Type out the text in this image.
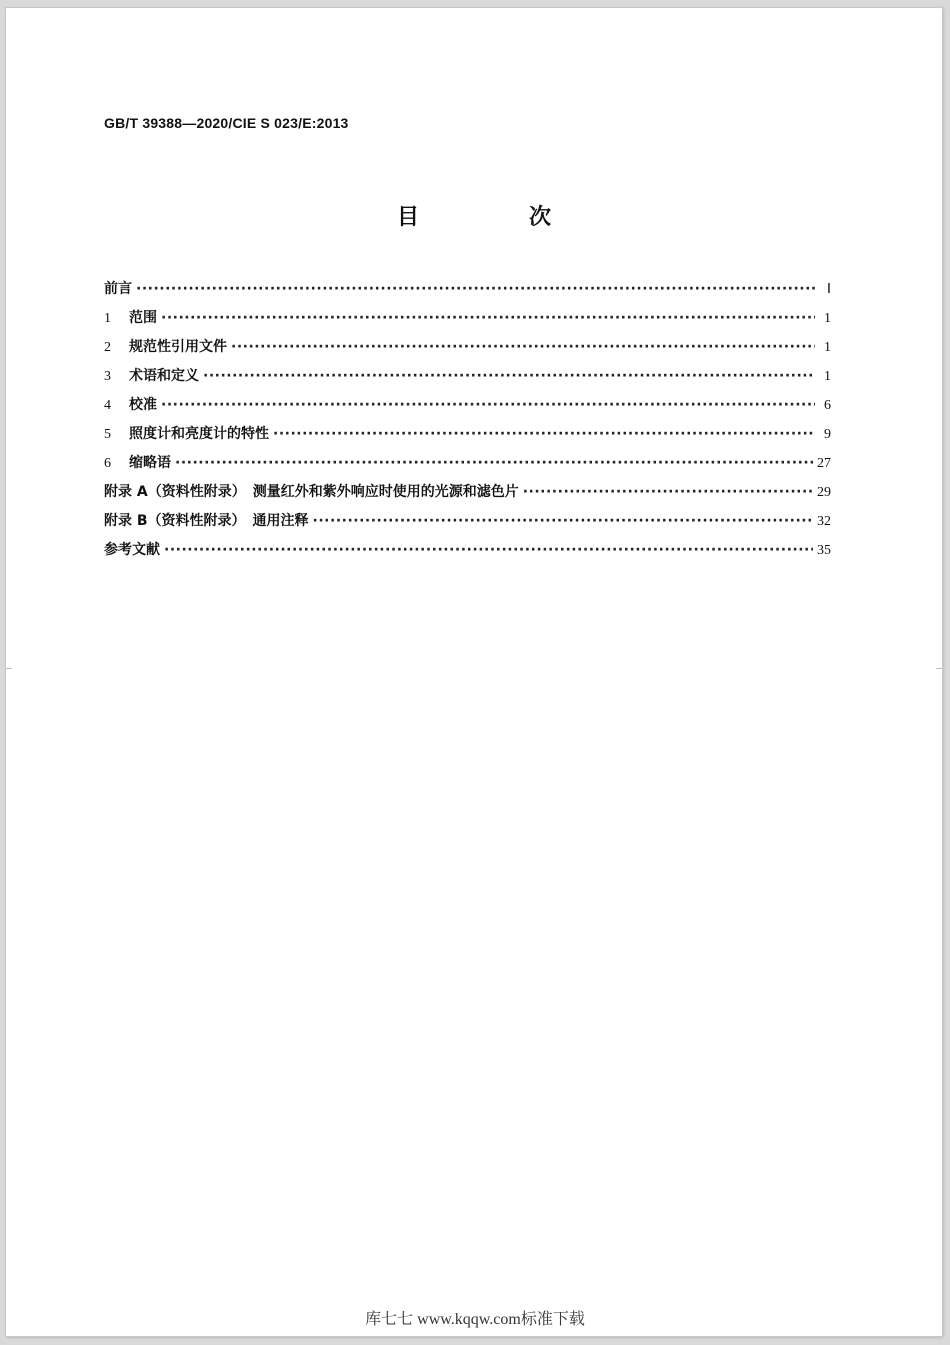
GB/T 39388—2020/CIE S 023/E:2013
目　次
前言 ·····	Ⅰ
1	范围 ·····	1
2	规范性引用文件 ·····	1
3	术语和定义 ·····	1
4	校准 ·····	6
5	照度计和亮度计的特性 ·····	9
6	缩略语 ·····	27
附录 A（资料性附录）　测量红外和紫外响应时使用的光源和滤色片 ·····	29
附录 B（资料性附录）　通用注释 ·····	32
参考文献 ·····	35
库七七 www.kqqw.com标准下载
